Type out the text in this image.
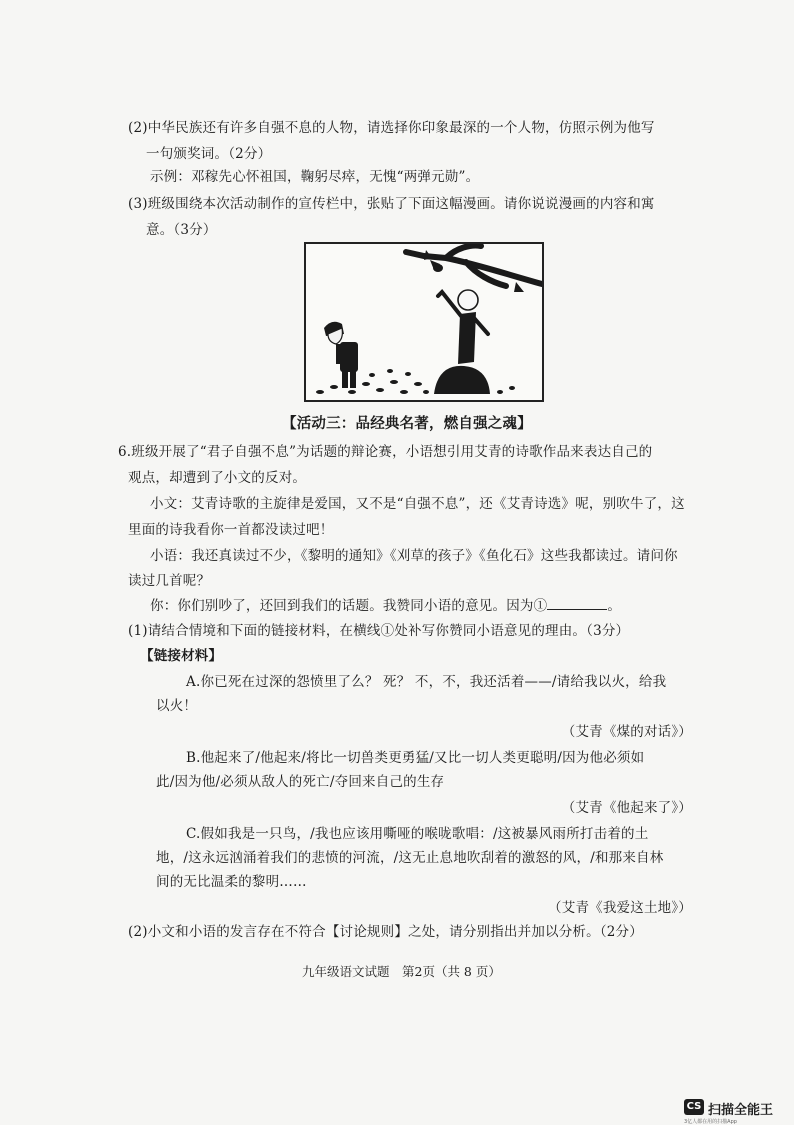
(2)中华民族还有许多自强不息的人物，请选择你印象最深的一个人物，仿照示例为他写
一句颁奖词。（2分）
示例：邓稼先心怀祖国，鞠躬尽瘁，无愧“两弹元勋”。
(3)班级围绕本次活动制作的宣传栏中，张贴了下面这幅漫画。请你说说漫画的内容和寓
意。（3分）
【活动三：品经典名著，燃自强之魂】
6.班级开展了“君子自强不息”为话题的辩论赛，小语想引用艾青的诗歌作品来表达自己的
观点，却遭到了小文的反对。
小文：艾青诗歌的主旋律是爱国，又不是“自强不息”，还《艾青诗选》呢，别吹牛了，这
里面的诗我看你一首都没读过吧！
小语：我还真读过不少，《黎明的通知》《刈草的孩子》《鱼化石》这些我都读过。请问你
读过几首呢？
你：你们别吵了，还回到我们的话题。我赞同小语的意见。因为①	。
(1)请结合情境和下面的链接材料，在横线①处补写你赞同小语意见的理由。（3分）
【链接材料】
A.你已死在过深的怨愤里了么？ 死？ 不，不，我还活着——/请给我以火，给我
以火！
（艾青《煤的对话》）
B.他起来了/他起来/将比一切兽类更勇猛/又比一切人类更聪明/因为他必须如
此/因为他/必须从敌人的死亡/夺回来自己的生存
（艾青《他起来了》）
C.假如我是一只鸟，/我也应该用嘶哑的喉咙歌唱：/这被暴风雨所打击着的土
地，/这永远汹涌着我们的悲愤的河流，/这无止息地吹刮着的激怒的风，/和那来自林
间的无比温柔的黎明……
（艾青《我爱这土地》）
(2)小文和小语的发言存在不符合【讨论规则】之处，请分别指出并加以分析。（2分）
九年级语文试题　第2页（共 8 页）
CS 扫描全能王
3亿人都在用的扫描App
